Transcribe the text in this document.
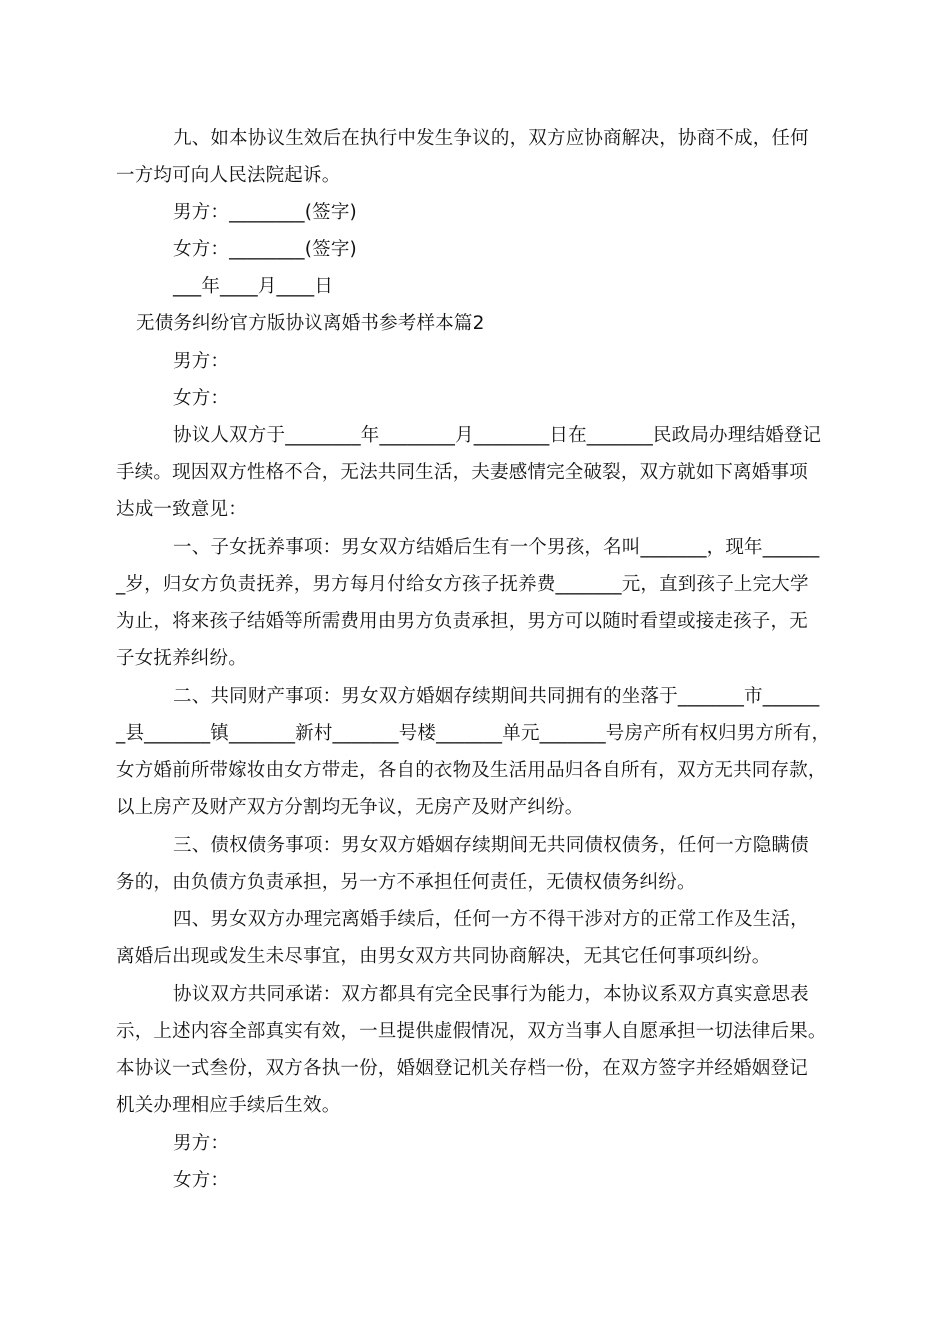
九、如本协议生效后在执行中发生争议的，双方应协商解决，协商不成，任何
一方均可向人民法院起诉。
男方：________(签字)
女方：________(签字)
___年____月____日
无债务纠纷官方版协议离婚书参考样本篇2
男方：
女方：
协议人双方于________年________月________日在_______民政局办理结婚登记
手续。现因双方性格不合，无法共同生活，夫妻感情完全破裂，双方就如下离婚事项
达成一致意见：
一、子女抚养事项：男女双方结婚后生有一个男孩，名叫_______，现年______
_岁，归女方负责抚养，男方每月付给女方孩子抚养费_______元，直到孩子上完大学
为止，将来孩子结婚等所需费用由男方负责承担，男方可以随时看望或接走孩子，无
子女抚养纠纷。
二、共同财产事项：男女双方婚姻存续期间共同拥有的坐落于_______市______
_县_______镇_______新村_______号楼_______单元_______号房产所有权归男方所有，
女方婚前所带嫁妆由女方带走，各自的衣物及生活用品归各自所有，双方无共同存款，
以上房产及财产双方分割均无争议，无房产及财产纠纷。
三、债权债务事项：男女双方婚姻存续期间无共同债权债务，任何一方隐瞒债
务的，由负债方负责承担，另一方不承担任何责任，无债权债务纠纷。
四、男女双方办理完离婚手续后，任何一方不得干涉对方的正常工作及生活，
离婚后出现或发生未尽事宜，由男女双方共同协商解决，无其它任何事项纠纷。
协议双方共同承诺：双方都具有完全民事行为能力，本协议系双方真实意思表
示，上述内容全部真实有效，一旦提供虚假情况，双方当事人自愿承担一切法律后果。
本协议一式叁份，双方各执一份，婚姻登记机关存档一份，在双方签字并经婚姻登记
机关办理相应手续后生效。
男方：
女方：
